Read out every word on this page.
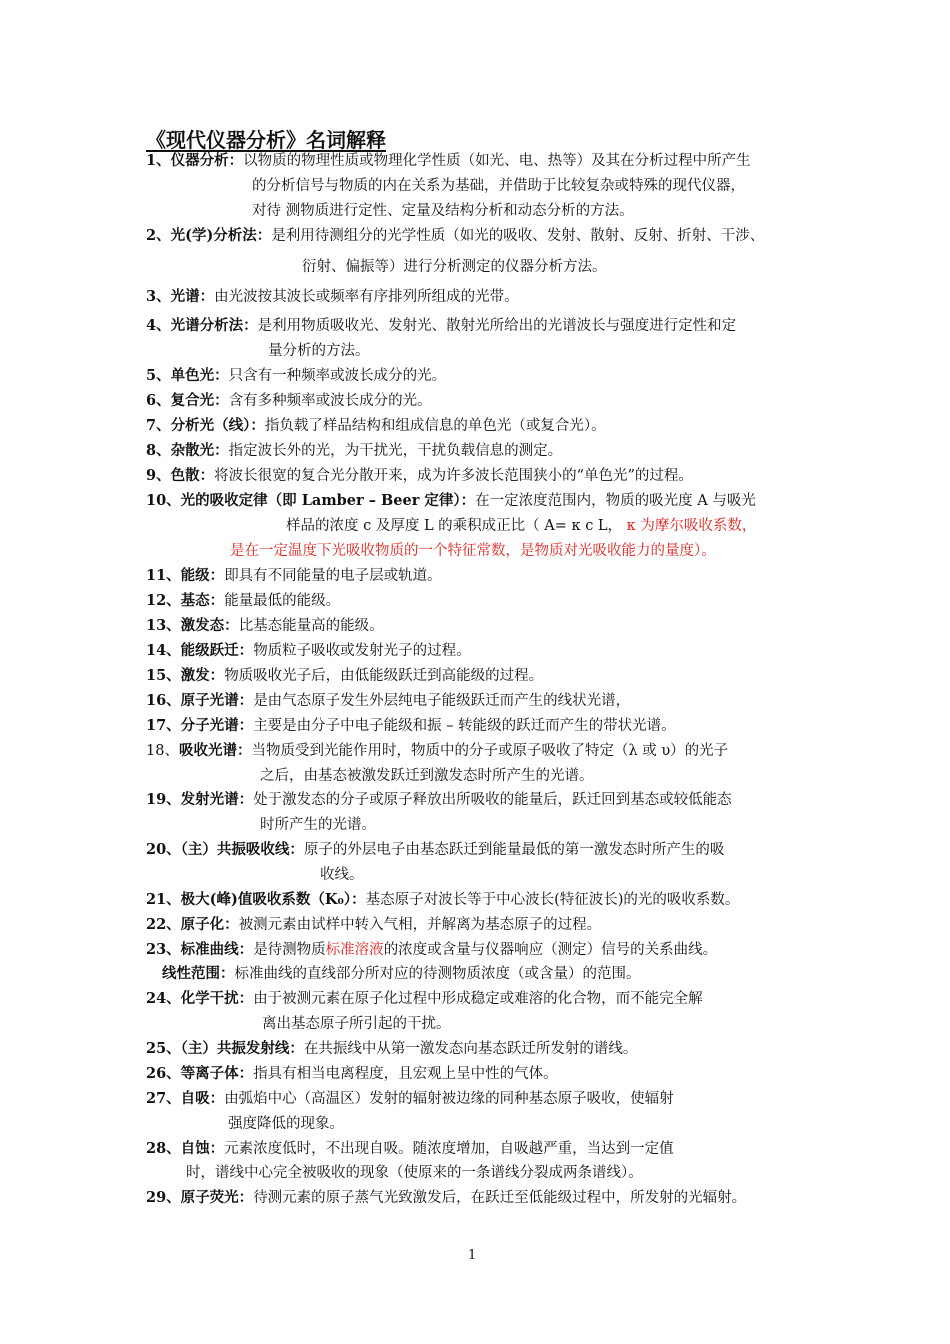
《现代仪器分析》名词解释
1、仪器分析：以物质的物理性质或物理化学性质（如光、电、热等）及其在分析过程中所产生
的分析信号与物质的内在关系为基础，并借助于比较复杂或特殊的现代仪器，
对待 测物质进行定性、定量及结构分析和动态分析的方法。
2、光(学)分析法：是利用待测组分的光学性质（如光的吸收、发射、散射、反射、折射、干涉、
衍射、偏振等）进行分析测定的仪器分析方法。
3、光谱：由光波按其波长或频率有序排列所组成的光带。
4、光谱分析法：是利用物质吸收光、发射光、散射光所给出的光谱波长与强度进行定性和定
量分析的方法。
5、单色光：只含有一种频率或波长成分的光。
6、复合光：含有多种频率或波长成分的光。
7、分析光（线）：指负载了样品结构和组成信息的单色光（或复合光）。
8、杂散光：指定波长外的光，为干扰光，干扰负载信息的测定。
9、色散：将波长很宽的复合光分散开来，成为许多波长范围狭小的“单色光”的过程。
10、光的吸收定律（即 Lamber – Beer 定律）：在一定浓度范围内，物质的吸光度 A 与吸光
样品的浓度 c 及厚度 L 的乘积成正比（ A= κ c L， κ 为摩尔吸收系数，
是在一定温度下光吸收物质的一个特征常数，是物质对光吸收能力的量度）。
11、能级：即具有不同能量的电子层或轨道。
12、基态：能量最低的能级。
13、激发态：比基态能量高的能级。
14、能级跃迁：物质粒子吸收或发射光子的过程。
15、激发：物质吸收光子后，由低能级跃迁到高能级的过程。
16、原子光谱：是由气态原子发生外层纯电子能级跃迁而产生的线状光谱，
17、分子光谱：主要是由分子中电子能级和振 – 转能级的跃迁而产生的带状光谱。
18、吸收光谱：当物质受到光能作用时，物质中的分子或原子吸收了特定（λ 或 υ）的光子
之后，由基态被激发跃迁到激发态时所产生的光谱。
19、发射光谱：处于激发态的分子或原子释放出所吸收的能量后，跃迁回到基态或较低能态
时所产生的光谱。
20、（主）共振吸收线：原子的外层电子由基态跃迁到能量最低的第一激发态时所产生的吸
收线。
21、极大(峰)值吸收系数（K₀）：基态原子对波长等于中心波长(特征波长)的光的吸收系数。
22、原子化：被测元素由试样中转入气相，并解离为基态原子的过程。
23、标准曲线：是待测物质标准溶液的浓度或含量与仪器响应（测定）信号的关系曲线。
线性范围：标准曲线的直线部分所对应的待测物质浓度（或含量）的范围。
24、化学干扰：由于被测元素在原子化过程中形成稳定或难溶的化合物，而不能完全解
离出基态原子所引起的干扰。
25、（主）共振发射线：在共振线中从第一激发态向基态跃迁所发射的谱线。
26、等离子体：指具有相当电离程度，且宏观上呈中性的气体。
27、自吸：由弧焰中心（高温区）发射的辐射被边缘的同种基态原子吸收，使辐射
强度降低的现象。
28、自蚀：元素浓度低时，不出现自吸。随浓度增加，自吸越严重，当达到一定值
时，谱线中心完全被吸收的现象（使原来的一条谱线分裂成两条谱线）。
29、原子荧光：待测元素的原子蒸气光致激发后，在跃迁至低能级过程中，所发射的光辐射。
1
